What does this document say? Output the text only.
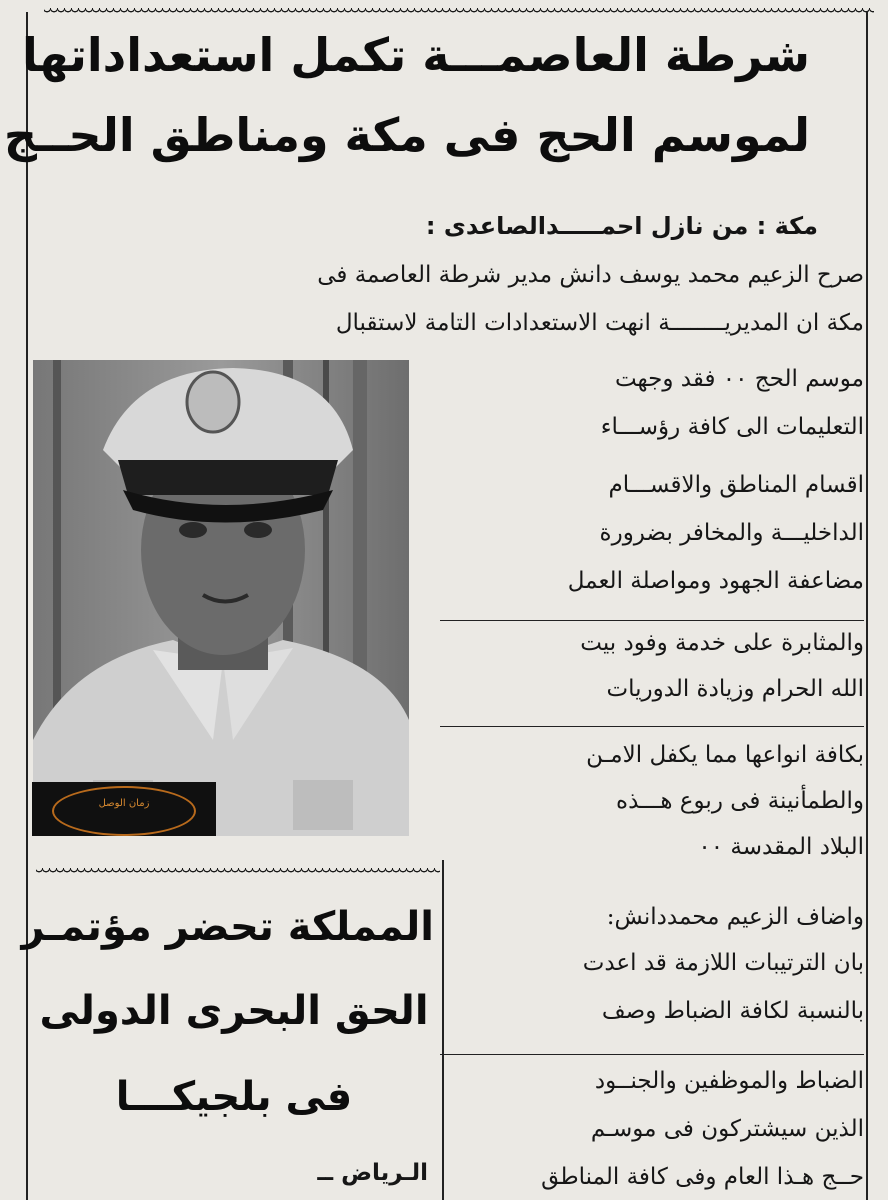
شرطة العاصمـــة تكمل استعداداتها
لموسم الحج فى مكة ومناطق الحــج
مكة : من نازل احمـــــدالصاعدى :
صرح الزعيم محمد يوسف دانش مدير شرطة العاصمة فى
مكة ان المديريــــــــة انهت الاستعدادات التامة لاستقبال
زمان الوصل
موسم الحج ٠٠ فقد وجهت
التعليمات الى كافة رؤســـاء
اقسام المناطق والاقســـام
الداخليـــة والمخافر بضرورة
مضاعفة الجهود ومواصلة العمل
والمثابرة على خدمة وفود بيت
الله الحرام وزيادة الدوريات
بكافة انواعها مما يكفل الامـن
والطمأنينة فى ربوع هـــذه
البلاد المقدسة ٠٠
واضاف الزعيم محمددانش:
بان الترتيبات اللازمة قد اعدت
بالنسبة لكافة الضباط وصف
الضباط والموظفين والجنــود
الذين سيشتركون فى موسـم
حــج هـذا العام وفى كافة المناطق
المملكة تحضر مؤتمـر
الحق البحرى الدولى
فى بلجيكـــا
الـرياض ــ
